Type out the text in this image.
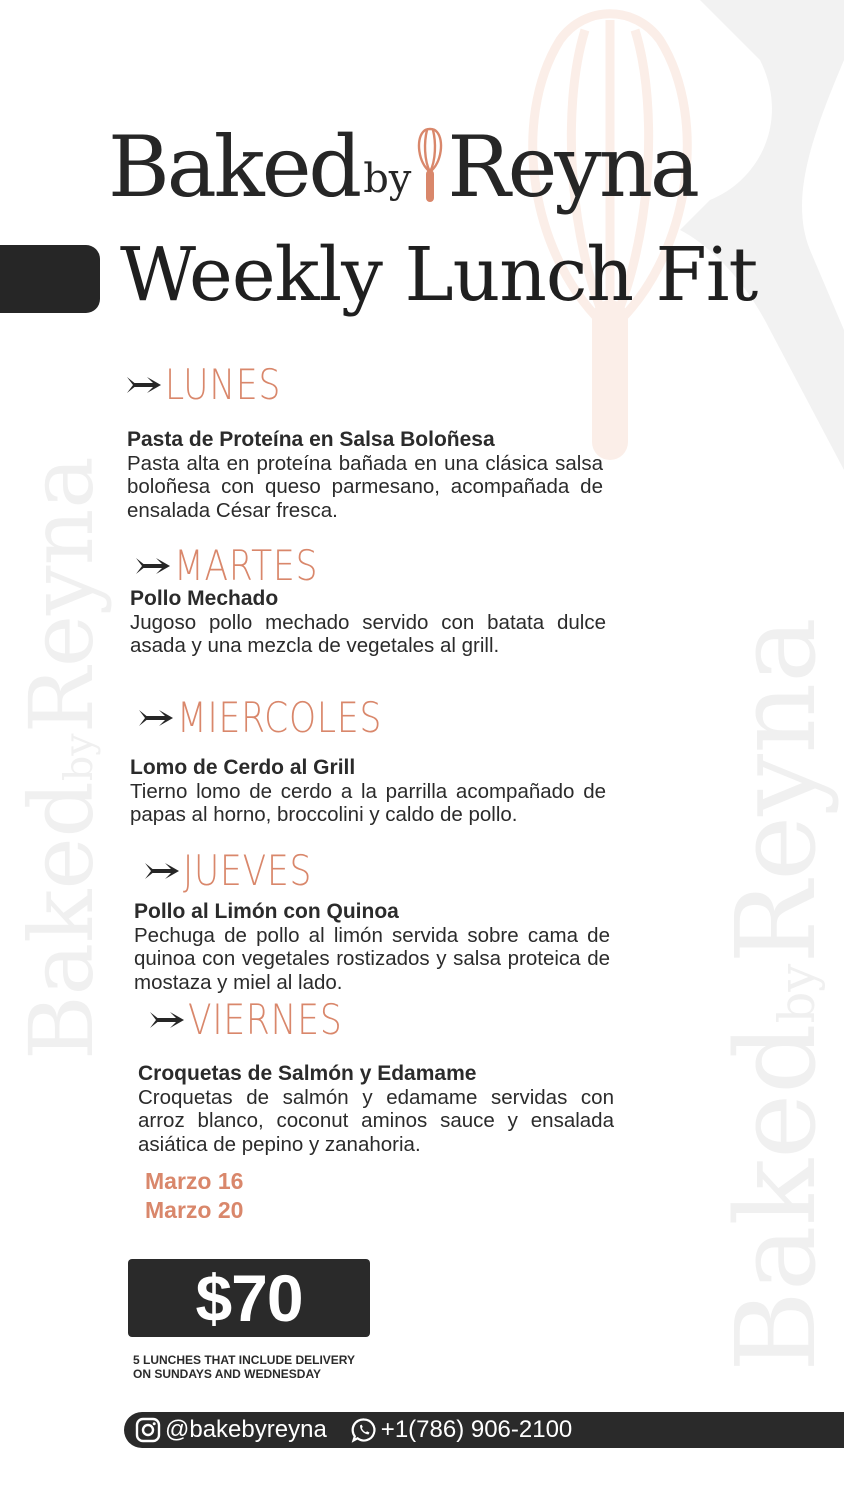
BakedbyReyna
BakedbyReyna
Baked by Reyna
Weekly Lunch Fit
LUNES
Pasta de Proteína en Salsa Boloñesa
Pasta alta en proteína bañada en una clásica salsa boloñesa con queso parmesano, acompañada de ensalada César fresca.
MARTES
Pollo Mechado
Jugoso pollo mechado servido con batata dulce asada y una mezcla de vegetales al grill.
MIERCOLES
Lomo de Cerdo al Grill
Tierno lomo de cerdo a la parrilla acompañado de papas al horno, broccolini y caldo de pollo.
JUEVES
Pollo al Limón con Quinoa
Pechuga de pollo al limón servida sobre cama de quinoa con vegetales rostizados y salsa proteica de mostaza y miel al lado.
VIERNES
Croquetas de Salmón y Edamame
Croquetas de salmón y edamame servidas con arroz blanco, coconut aminos sauce y ensalada asiática de pepino y zanahoria.
Marzo 16
Marzo 20
$70
5 LUNCHES THAT INCLUDE DELIVERY
ON SUNDAYS AND WEDNESDAY
@bakebyreyna +1(786) 906-2100
